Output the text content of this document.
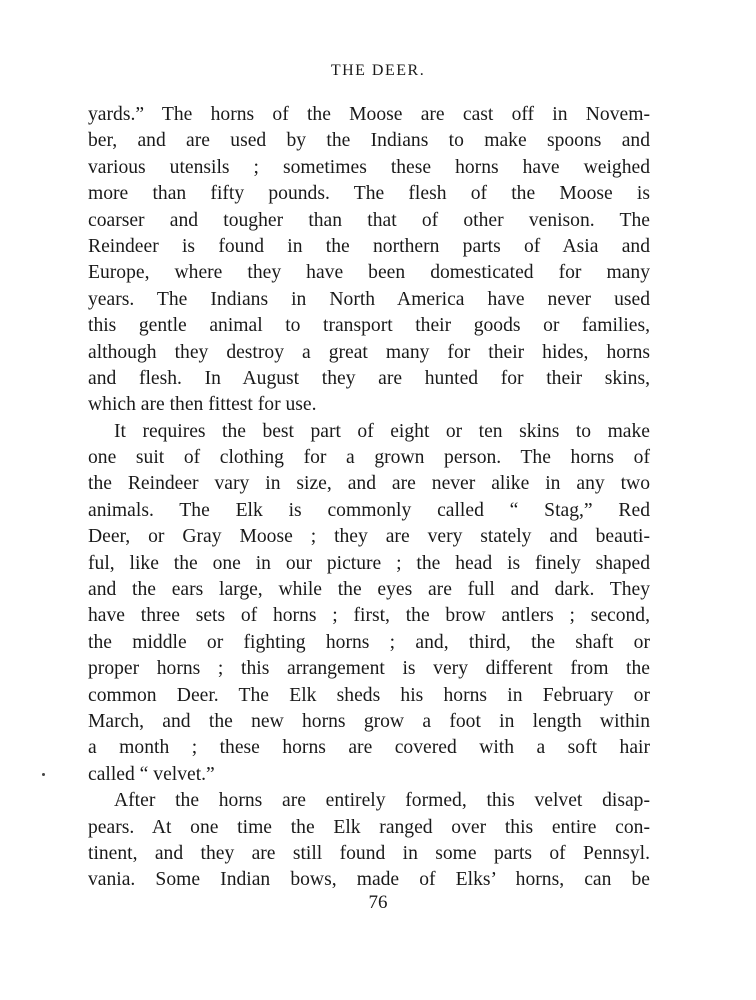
THE DEER.
yards.” The horns of the Moose are cast off in Novem-
ber, and are used by the Indians to make spoons and
various utensils ; sometimes these horns have weighed
more than fifty pounds. The flesh of the Moose is
coarser and tougher than that of other venison. The
Reindeer is found in the northern parts of Asia and
Europe, where they have been domesticated for many
years. The Indians in North America have never used
this gentle animal to transport their goods or families,
although they destroy a great many for their hides, horns
and flesh. In August they are hunted for their skins,
which are then fittest for use.
It requires the best part of eight or ten skins to make
one suit of clothing for a grown person. The horns of
the Reindeer vary in size, and are never alike in any two
animals. The Elk is commonly called “ Stag,” Red
Deer, or Gray Moose ; they are very stately and beauti-
ful, like the one in our picture ; the head is finely shaped
and the ears large, while the eyes are full and dark. They
have three sets of horns ; first, the brow antlers ; second,
the middle or fighting horns ; and, third, the shaft or
proper horns ; this arrangement is very different from the
common Deer. The Elk sheds his horns in February or
March, and the new horns grow a foot in length within
a month ; these horns are covered with a soft hair
called “ velvet.”
After the horns are entirely formed, this velvet disap-
pears. At one time the Elk ranged over this entire con-
tinent, and they are still found in some parts of Pennsyl.
vania. Some Indian bows, made of Elks’ horns, can be
76
